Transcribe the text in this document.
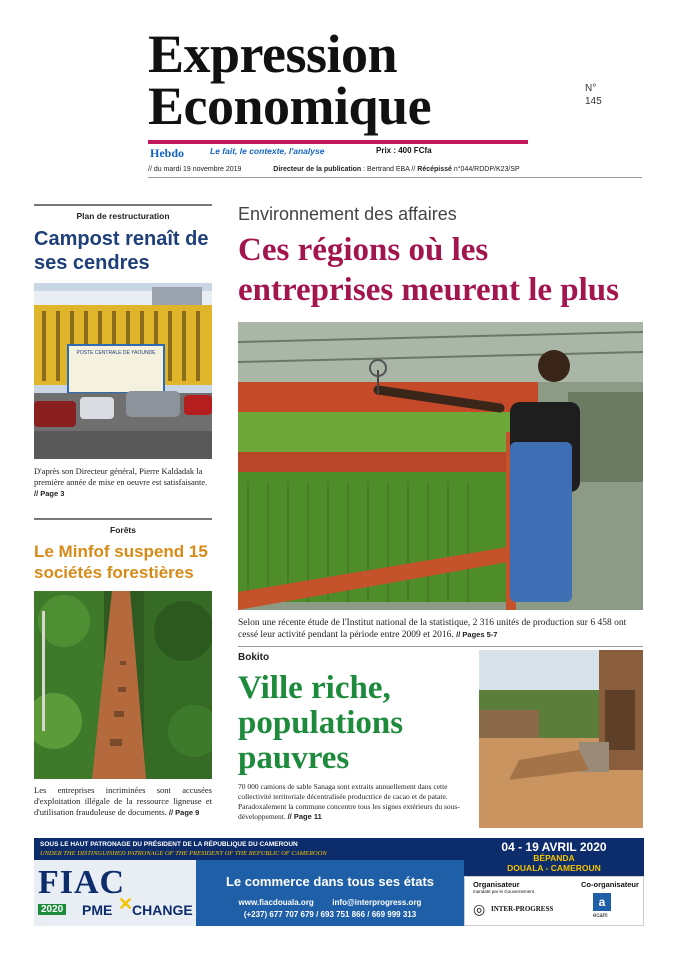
Expression
Economique
Hebdo	Le fait, le contexte, l'analyse	Prix : 400 FCfa
N°
145
// du mardi 19 novembre 2019	Directeur de la publication : Bertrand EBA // Récépissé n°044/RDDP/K23/SP
Plan de restructuration
Campost renaît de ses cendres
POSTE CENTRALE DE YAOUNDE
D'après son Directeur général, Pierre Kaldadak la première année de mise en oeuvre est satisfaisante. // Page 3
Forêts
Le Minfof suspend 15 sociétés forestières
Les entreprises incriminées sont accusées d'exploitation illégale de la ressource ligneuse et d'utilisation frauduleuse de documents. // Page 9
Environnement des affaires
Ces régions où les entreprises meurent le plus
Selon une récente étude de l'Institut national de la statistique, 2 316 unités de production sur 6 458 ont cessé leur activité pendant la période entre 2009 et 2016. // Pages 5-7
Bokito
Ville riche,
populations
pauvres
70 000 camions de sable Sanaga sont extraits annuellement dans cette collectivité territoriale décentralisée productrice de cacao et de patate. Paradoxalement la commune concentre tous les signes extérieurs du sous-développement. // Page 11
SOUS LE HAUT PATRONAGE DU PRÉSIDENT DE LA RÉPUBLIQUE DU CAMEROUN
UNDER THE DISTINGUISHED PATRONAGE OF THE PRESIDENT OF THE REPUBLIC OF CAMEROON	04 - 19 AVRIL 2020
BÉPANDA
DOUALA - CAMEROUN
FIAC
2020 PME ✕
CHANGE
Le commerce dans tous ses états
www.fiacdouala.org info@interprogress.org
(+237) 677 707 679 / 693 751 866 / 669 999 313
Organisateur
mandaté par le Gouvernement
◎ INTER-PROGRESS
Co-organisateur
a
ecam
